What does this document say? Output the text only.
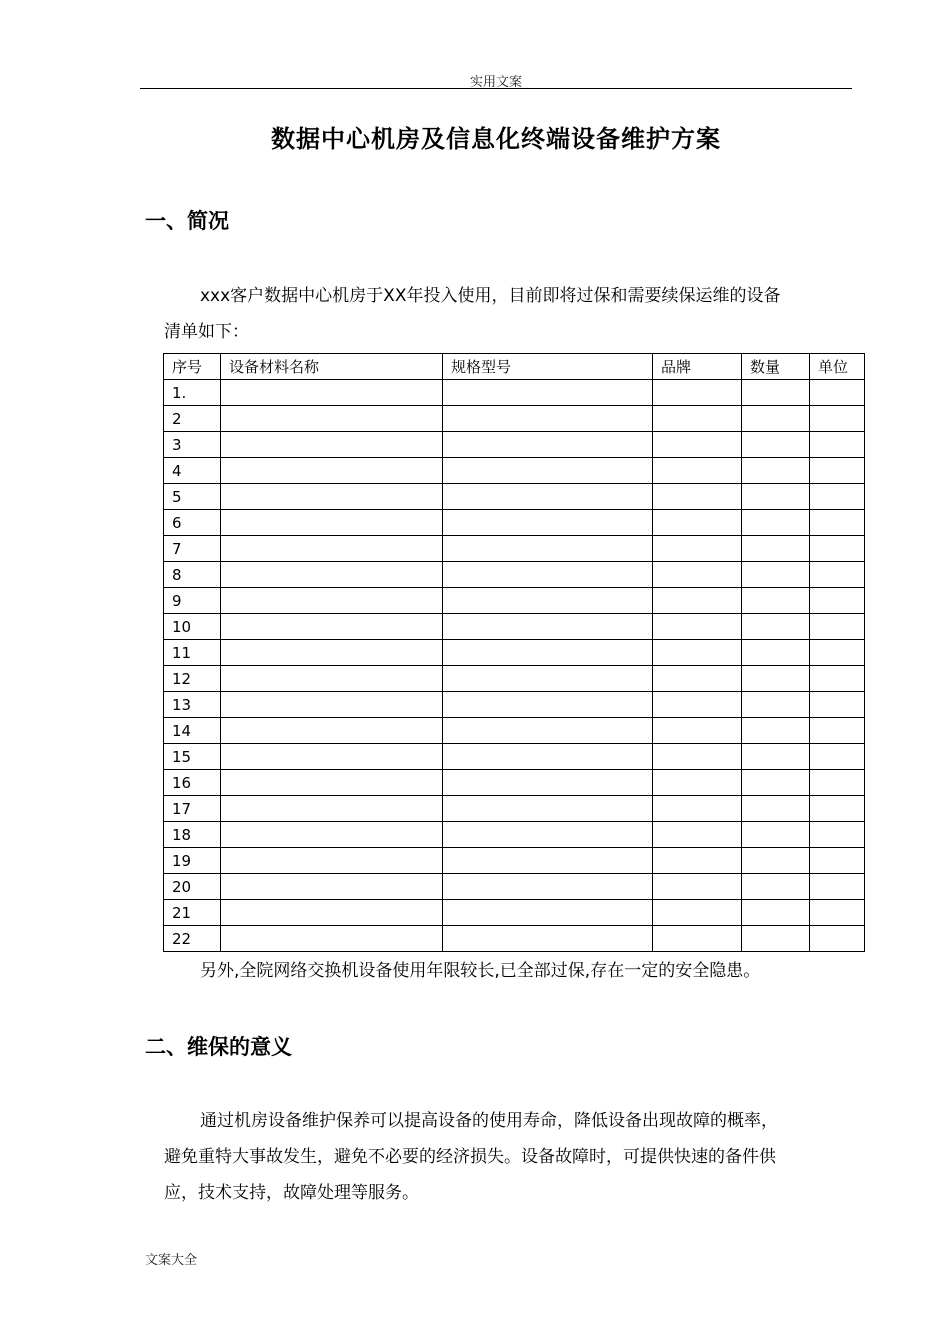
实用文案
数据中心机房及信息化终端设备维护方案
一、简况
xxx客户数据中心机房于XX年投入使用，目前即将过保和需要续保运维的设备
清单如下：
序号	设备材料名称	规格型号	品牌	数量	单位
1.					
2					
3					
4					
5					
6					
7					
8					
9					
10					
11					
12					
13					
14					
15					
16					
17					
18					
19					
20					
21					
22					
另外,全院网络交换机设备使用年限较长,已全部过保,存在一定的安全隐患。
二、维保的意义
通过机房设备维护保养可以提高设备的使用寿命，降低设备出现故障的概率，
避免重特大事故发生，避免不必要的经济损失。设备故障时，可提供快速的备件供
应，技术支持，故障处理等服务。
文案大全
